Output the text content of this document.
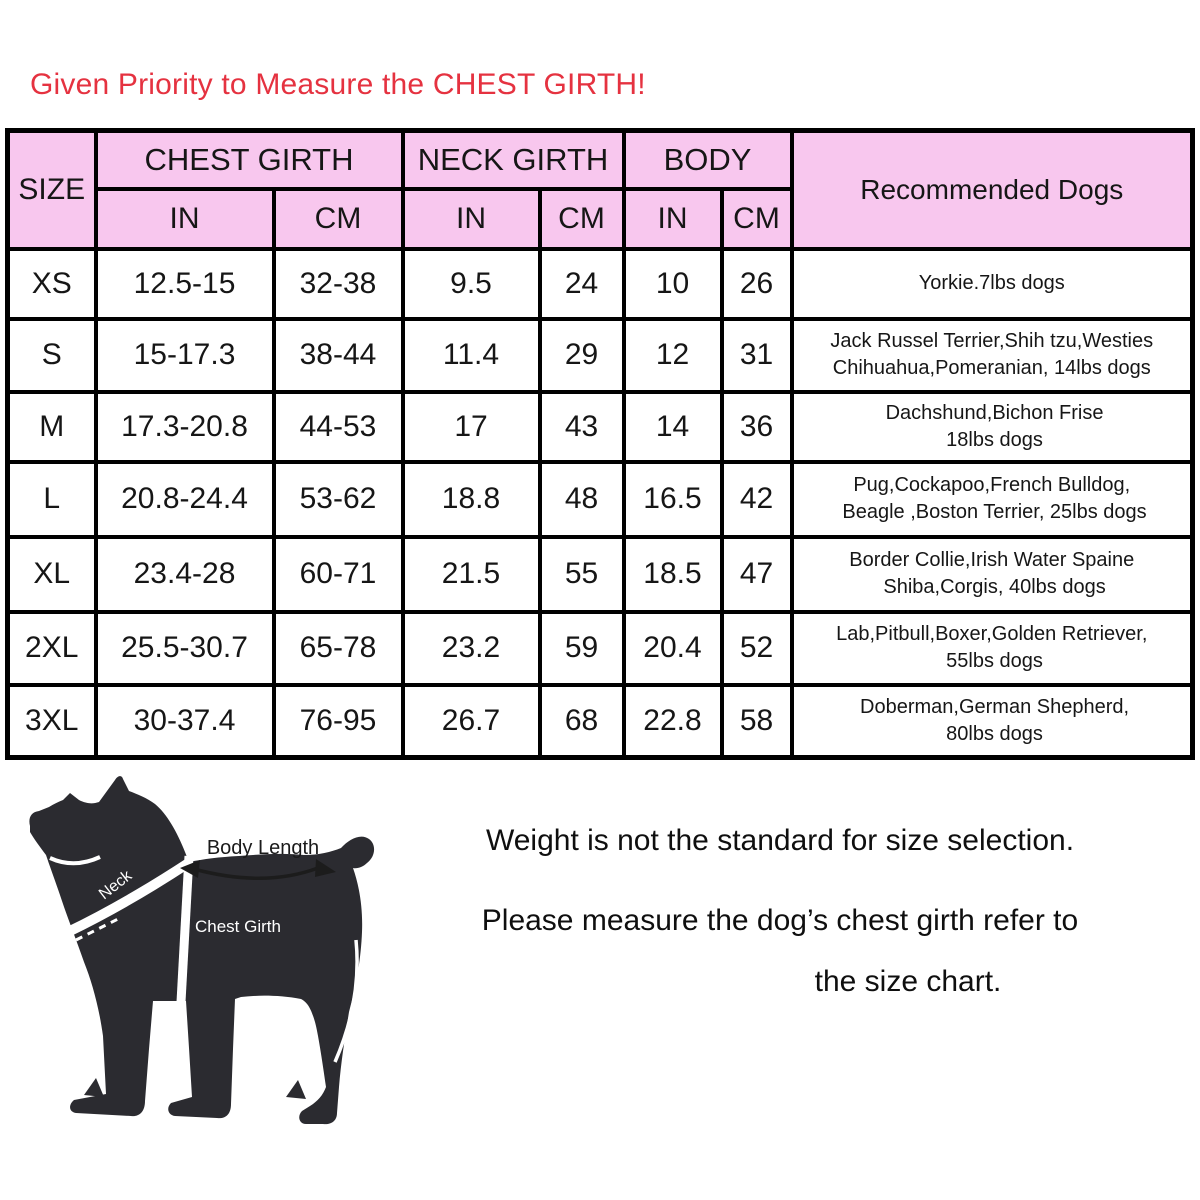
Given Priority to Measure the CHEST GIRTH!
SIZE	CHEST GIRTH		NECK GIRTH		BODY		Recommended Dogs
	IN	CM	IN	CM	IN	CM	
XS	12.5-15	32-38	9.5	24	10	26	Yorkie.7lbs dogs

S	15-17.3	38-44	11.4	29	12	31	Jack Russel Terrier,Shih tzu,Westies
Chihuahua,Pomeranian, 14lbs dogs

M	17.3-20.8	44-53	17	43	14	36	Dachshund,Bichon Frise
18lbs dogs

L	20.8-24.4	53-62	18.8	48	16.5	42	Pug,Cockapoo,French Bulldog,
Beagle ,Boston Terrier, 25lbs dogs

XL	23.4-28	60-71	21.5	55	18.5	47	Border Collie,Irish Water Spaine
Shiba,Corgis, 40lbs dogs

2XL	25.5-30.7	65-78	23.2	59	20.4	52	Lab,Pitbull,Boxer,Golden Retriever,
55lbs dogs

3XL	30-37.4	76-95	26.7	68	22.8	58	Doberman,German Shepherd,
80lbs dogs
Body Length
Neck
Chest Girth
Weight is not the standard for size selection.
Please measure the dog’s chest girth refer to
the size chart.
